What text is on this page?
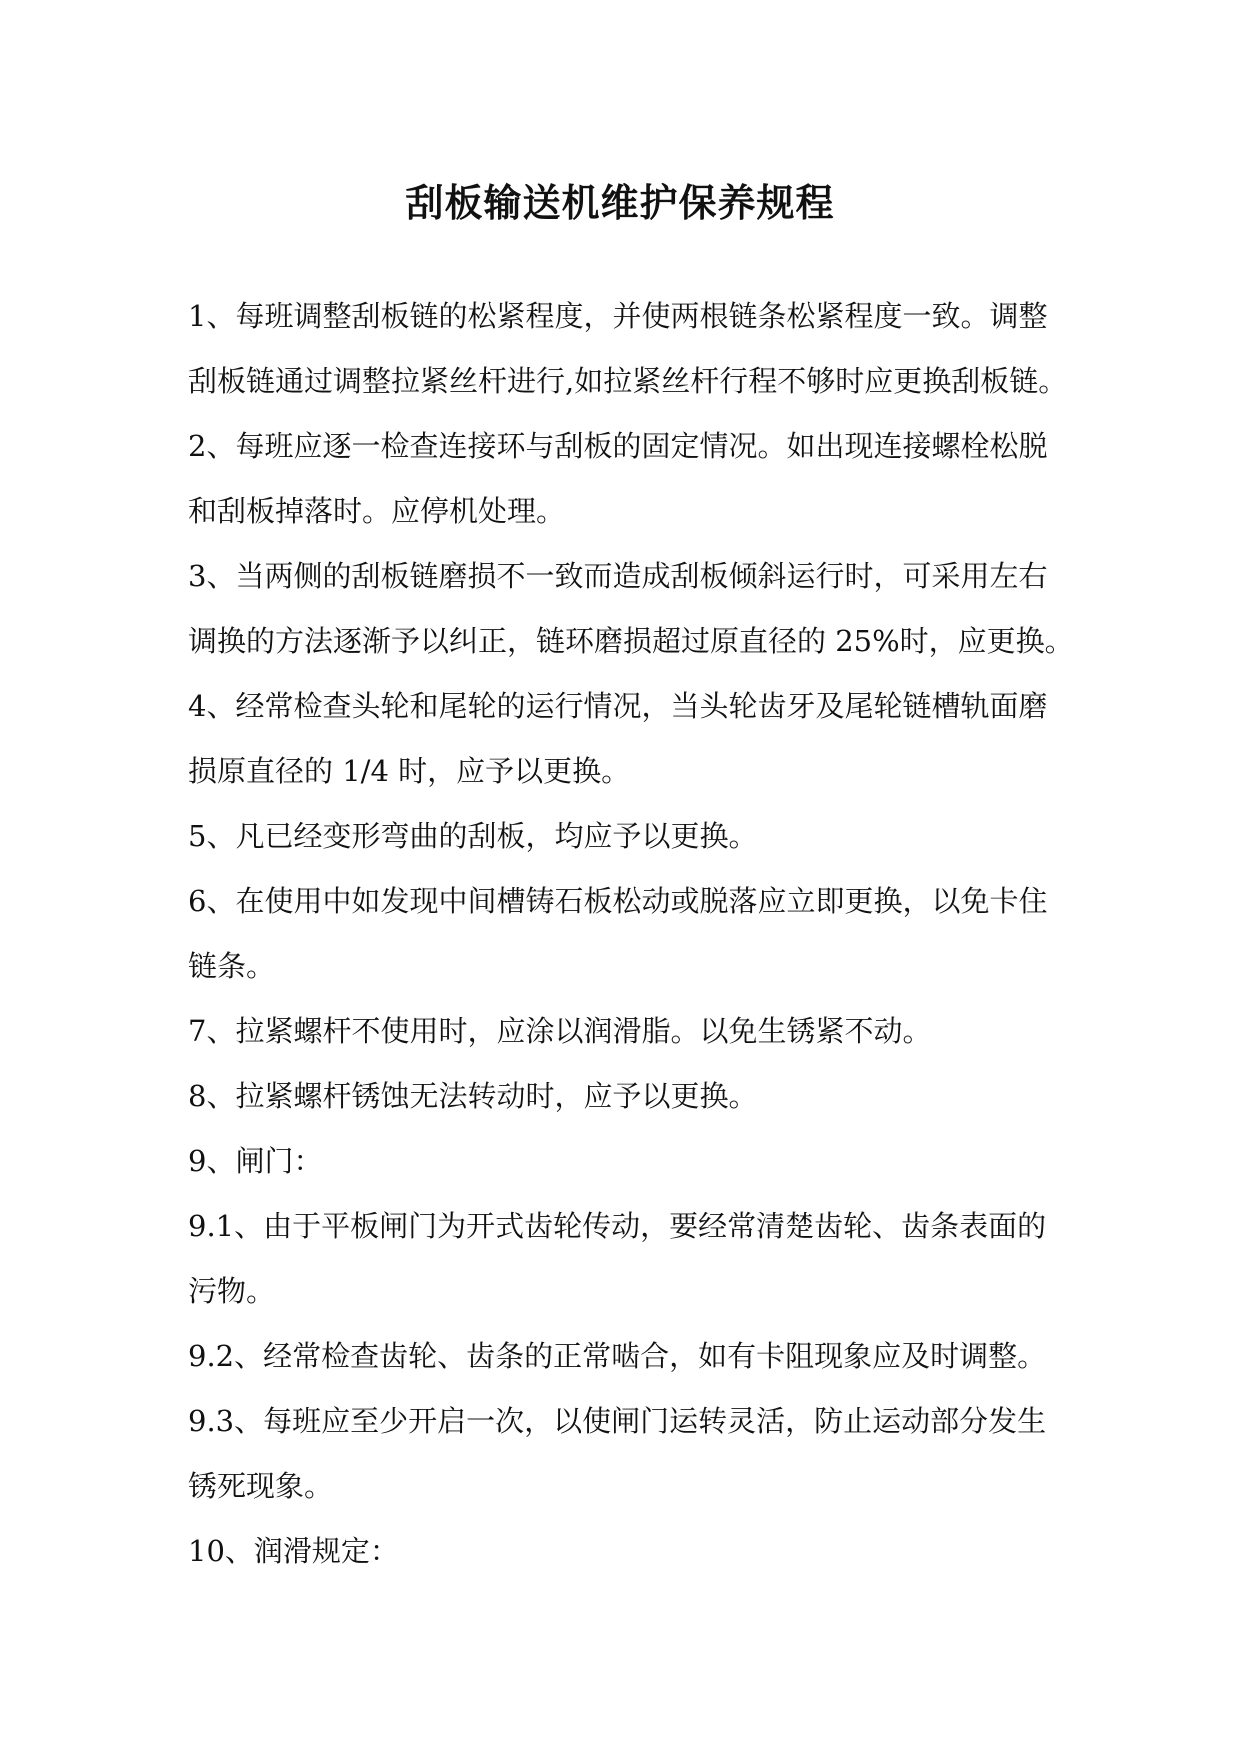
刮板输送机维护保养规程

1、每班调整刮板链的松紧程度，并使两根链条松紧程度一致。调整

刮板链通过调整拉紧丝杆进行,如拉紧丝杆行程不够时应更换刮板链。

2、每班应逐一检查连接环与刮板的固定情况。如出现连接螺栓松脱

和刮板掉落时。应停机处理。

3、当两侧的刮板链磨损不一致而造成刮板倾斜运行时，可采用左右

调换的方法逐渐予以纠正，链环磨损超过原直径的 25%时，应更换。

4、经常检查头轮和尾轮的运行情况，当头轮齿牙及尾轮链槽轨面磨

损原直径的 1/4 时，应予以更换。

5、凡已经变形弯曲的刮板，均应予以更换。

6、在使用中如发现中间槽铸石板松动或脱落应立即更换，以免卡住

链条。

7、拉紧螺杆不使用时，应涂以润滑脂。以免生锈紧不动。

8、拉紧螺杆锈蚀无法转动时，应予以更换。

9、闸门：

9.1、由于平板闸门为开式齿轮传动，要经常清楚齿轮、齿条表面的

污物。

9.2、经常检查齿轮、齿条的正常啮合，如有卡阻现象应及时调整。

9.3、每班应至少开启一次，以使闸门运转灵活，防止运动部分发生

锈死现象。

10、润滑规定：
